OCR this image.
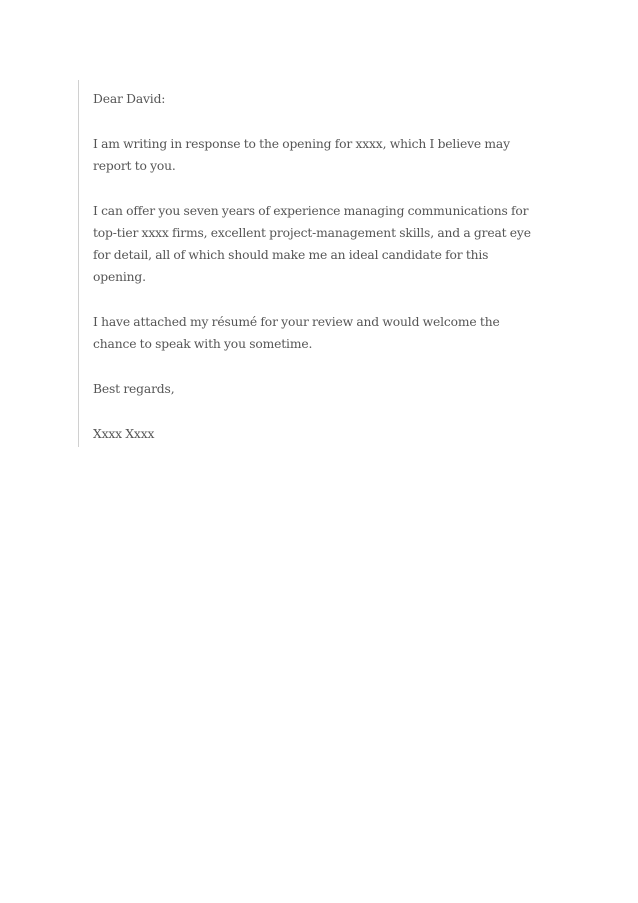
Dear David:

I am writing in response to the opening for xxxx, which I believe may report to you.

I can offer you seven years of experience managing communications for top-tier xxxx firms, excellent project-management skills, and a great eye for detail, all of which should make me an ideal candidate for this opening.

I have attached my résumé for your review and would welcome the chance to speak with you sometime.

Best regards,

Xxxx Xxxx
